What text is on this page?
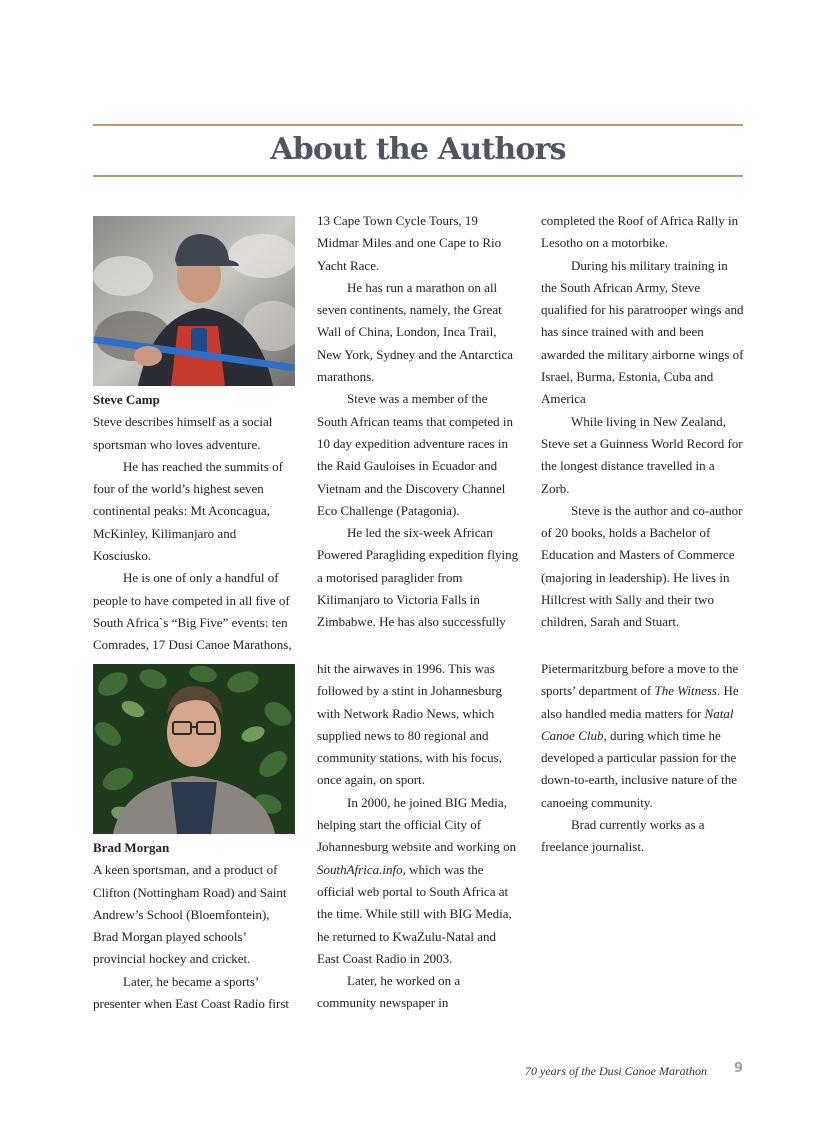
About the Authors

Steve Camp

Steve describes himself as a social sportsman who loves adventure.

He has reached the summits of four of the world’s highest seven continental peaks: Mt Aconcagua, McKinley, Kilimanjaro and Kosciusko.

He is one of only a handful of people to have competed in all five of South Africa`s “Big Five” events: ten Comrades, 17 Dusi Canoe Marathons,

13 Cape Town Cycle Tours, 19 Midmar Miles and one Cape to Rio Yacht Race.

He has run a marathon on all seven continents, namely, the Great Wall of China, London, Inca Trail, New York, Sydney and the Antarctica marathons.

Steve was a member of the South African teams that competed in 10 day expedition adventure races in the Raid Gauloises in Ecuador and Vietnam and the Discovery Channel Eco Challenge (Patagonia).

He led the six-week African Powered Paragliding expedition flying a motorised paraglider from Kilimanjaro to Victoria Falls in Zimbabwe. He has also successfully

completed the Roof of Africa Rally in Lesotho on a motorbike.

During his military training in the South African Army, Steve qualified for his paratrooper wings and has since trained with and been awarded the military airborne wings of Israel, Burma, Estonia, Cuba and America

While living in New Zealand, Steve set a Guinness World Record for the longest distance travelled in a Zorb.

Steve is the author and co-author of 20 books, holds a Bachelor of Education and Masters of Commerce (majoring in leadership). He lives in Hillcrest with Sally and their two children, Sarah and Stuart.

Brad Morgan

A keen sportsman, and a product of Clifton (Nottingham Road) and Saint Andrew’s School (Bloemfontein), Brad Morgan played schools’ provincial hockey and cricket.

Later, he became a sports’ presenter when East Coast Radio first

hit the airwaves in 1996. This was followed by a stint in Johannesburg with Network Radio News, which supplied news to 80 regional and community stations, with his focus, once again, on sport.

In 2000, he joined BIG Media, helping start the official City of Johannesburg website and working on SouthAfrica.info, which was the official web portal to South Africa at the time. While still with BIG Media, he returned to KwaZulu-Natal and East Coast Radio in 2003.

Later, he worked on a community newspaper in

Pietermaritzburg before a move to the sports’ department of The Witness. He also handled media matters for Natal Canoe Club, during which time he developed a particular passion for the down-to-earth, inclusive nature of the canoeing community.

Brad currently works as a freelance journalist.

70 years of the Dusi Canoe Marathon 9
